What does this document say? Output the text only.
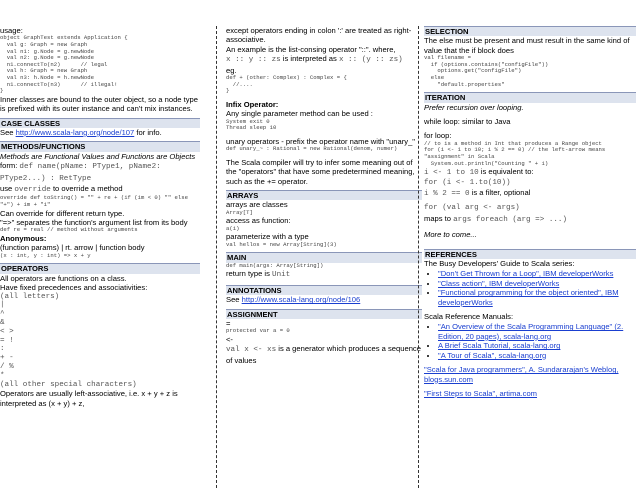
usage:

object GraphTest extends Application {
val g: Graph = new Graph
val n1: g.Node = g.newNode
val n2: g.Node = g.newNode
n1.connectTo(n2)      // legal
val h: Graph = new Graph
val n3: h.Node = h.newNode
n1.connectTo(n3)      // illegal!
}

Inner classes are bound to the outer object, so a node type is prefixed with its outer instance and can't mix instances.

CASE CLASSES

See http://www.scala-lang.org/node/107 for info.

METHODS/FUNCTIONS

Methods are Functional Values and Functions are Objects

form: def name(pName: PType1, pName2: PType2...) : RetType

use override to override a method

override def toString() = "" + re + (if (im < 0) "" else "+") + im + "i"

Can override for different return type.

"=>" separates the function's argument list from its body

def re = real // method without arguments

Anonymous:

(function params) | rt. arrow | function body

(x : int, y : int) => x + y
OPERATORS

All operators are functions on a class.

Have fixed precedences and associativities:

(all letters)
|
^
&
< >
= !
:
+ -
/ %
*
(all other special characters)

Operators are usually left-associative, i.e. x + y + z is interpreted as (x + y) + z,

except operators ending in colon ':' are treated as right-associative.

An example is the list-consing operator "::". where,

x :: y :: zs is interpreted as x :: (y :: zs)

eg.

def + (other: Complex) : Complex = {
//....
}

Infix Operator:

Any single parameter method can be used :

System exit 0
Thread sleep 10

unary operators - prefix the operator name with "unary_"

def unary_~ : Rational = new Rational(denom, numer)

The Scala compiler will try to infer some meaning out of the "operators" that have some predetermined meaning, such as the += operator.

ARRAYS

arrays are classes

Array[T]

access as function:

a(i)

parameterize with a type

val hellos = new Array[String](3)
MAIN
def main(args: Array[String])

return type is Unit

ANNOTATIONS

See http://www.scala-lang.org/node/106

ASSIGNMENT

=

protected var a = 0

<-

val x <- xs is a generator which produces a sequence of values

SELECTION

The else must be present and must result in the same kind of value that the if block does

val filename =
if (options.contains("configFile"))
options.get("configFile")
else
"default.properties"
ITERATION

Prefer recursion over looping.

while loop: similar to Java

for loop:

// to is a method in Int that produces a Range object
for (i <- 1 to 10; i % 2 == 0) // the left-arrow means "assignment" in Scala
System.out.println("Counting " + i)

i <- 1 to 10 is equivalent to:

for (i <- 1.to(10))

i % 2 == 0 is a filter, optional

for (val arg <- args)

maps to args foreach (arg => ...)

More to come...

REFERENCES

The Busy Developers' Guide to Scala series:

• "Don't Get Thrown for a Loop", IBM developerWorks
• "Class action", IBM developerWorks
• "Functional programming for the object oriented", IBM developerWorks

Scala Reference Manuals:

• "An Overview of the Scala Programming Language" (2. Edition, 20 pages), scala-lang.org
• A Brief Scala Tutorial, scala-lang.org
• "A Tour of Scala", scala-lang.org

"Scala for Java programmers", A. Sundararajan's Weblog, blogs.sun.com

"First Steps to Scala", artima.com
